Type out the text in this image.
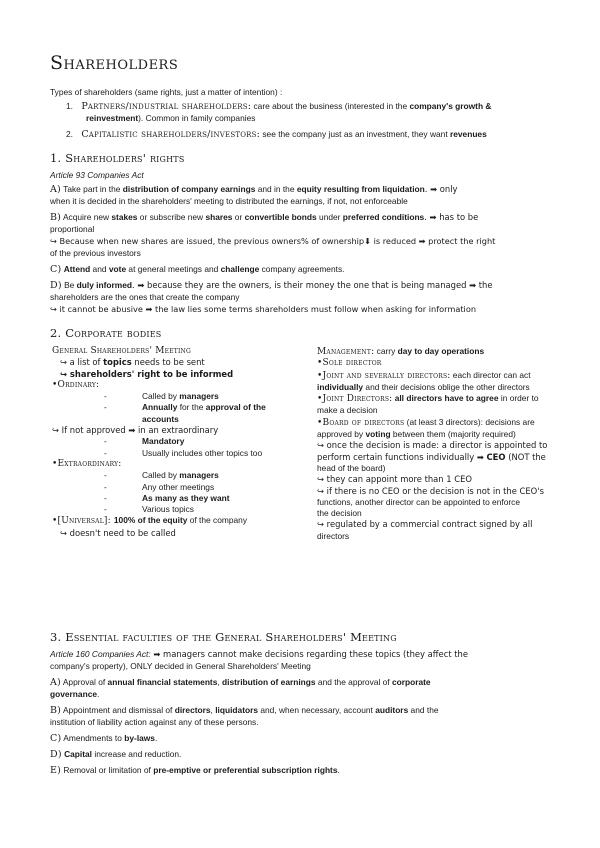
Shareholders
Types of shareholders (same rights, just a matter of intention) :
1. Partners/industrial shareholders: care about the business (interested in the company's growth &
reinvestment). Common in family companies
2. Capitalistic shareholders/investors: see the company just as an investment, they want revenues
1. Shareholders' rights
Article 93 Companies Act
A) Take part in the distribution of company earnings and in the equity resulting from liquidation. ➡ only
when it is decided in the shareholders' meeting to distributed the earnings, if not, not enforceable
B) Acquire new stakes or subscribe new shares or convertible bonds under preferred conditions. ➡ has to be
proportional
↪ Because when new shares are issued, the previous owners% of ownership⬇ is reduced ➡ protect the right
of the previous investors
C) Attend and vote at general meetings and challenge company agreements.
D) Be duly informed. ➡ because they are the owners, is their money the one that is being managed ➡ the
shareholders are the ones that create the company
↪ it cannot be abusive ➡ the law lies some terms shareholders must follow when asking for information
2. Corporate bodies
General Shareholders' Meeting
↪ a list of topics needs to be sent
↪ shareholders' right to be informed
•Ordinary:
-	Called by managers
-	Annually for the approval of the
accounts
↪ If not approved ➡ in an extraordinary
-	Mandatory
-	Usually includes other topics too
•Extraordinary:
-	Called by managers
-	Any other meetings
-	As many as they want
-	Various topics
•[Universal]: 100% of the equity of the company
↪ doesn't need to be called
Management: carry day to day operations
•Sole director
•Joint and severally directors: each director can act
individually and their decisions oblige the other directors
•Joint Directors: all directors have to agree in order to
make a decision
•Board of directors (at least 3 directors): decisions are
approved by voting between them (majority required)
↪ once the decision is made: a director is appointed to
perform certain functions individually ➡ CEO (NOT the
head of the board)
↪ they can appoint more than 1 CEO
↪ if there is no CEO or the decision is not in the CEO's
functions, another director can be appointed to enforce
the decision
↪ regulated by a commercial contract signed by all
directors
3. Essential faculties of the General Shareholders' Meeting
Article 160 Companies Act: ➡ managers cannot make decisions regarding these topics (they affect the
company's property), ONLY decided in General Shareholders' Meeting
A) Approval of annual financial statements, distribution of earnings and the approval of corporate
governance.
B) Appointment and dismissal of directors, liquidators and, when necessary, account auditors and the
institution of liability action against any of these persons.
C) Amendments to by-laws.
D) Capital increase and reduction.
E) Removal or limitation of pre-emptive or preferential subscription rights.
